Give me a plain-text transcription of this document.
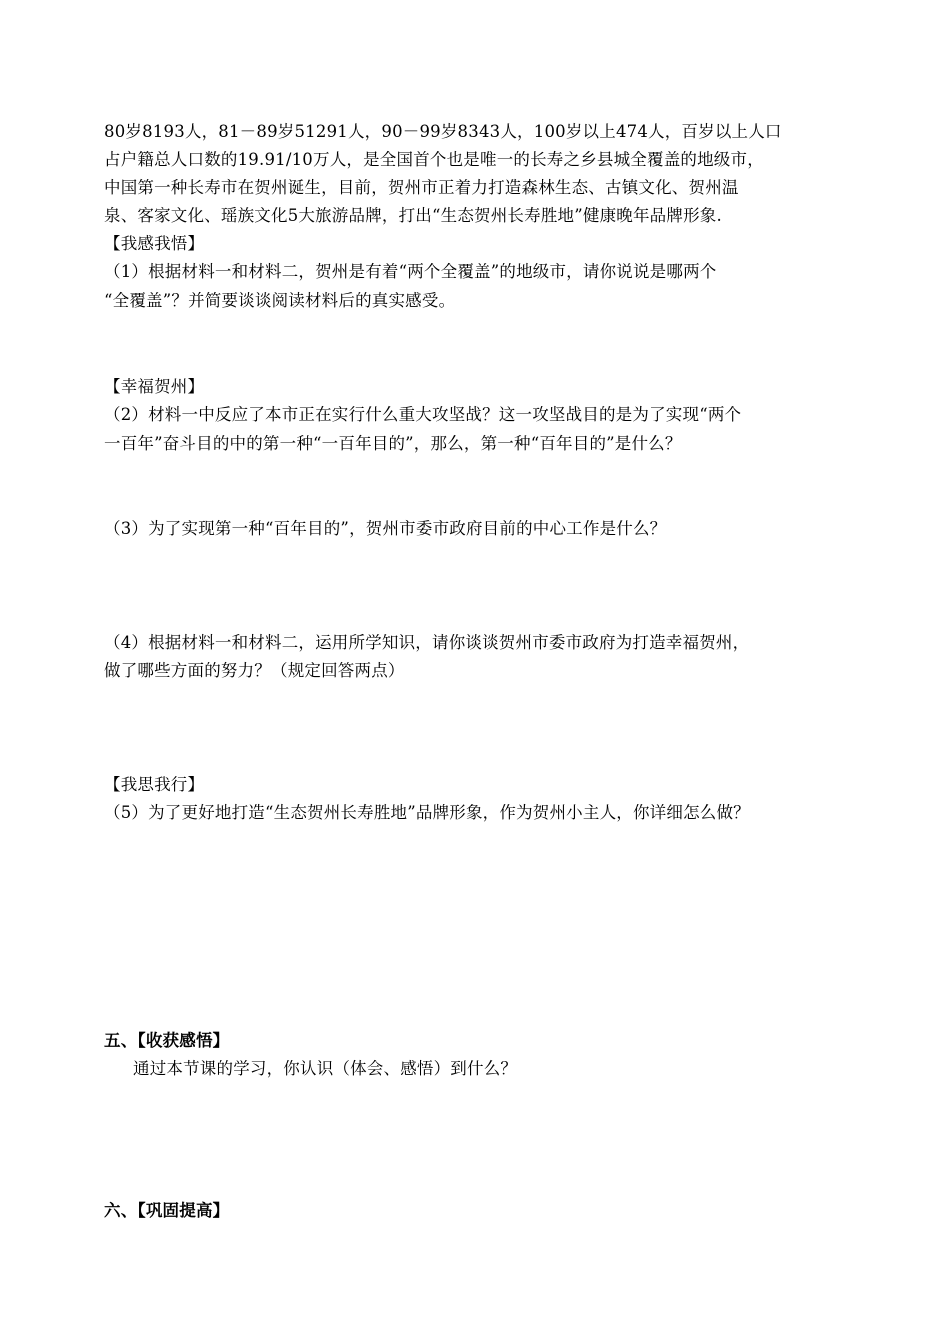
80岁8193人，81－89岁51291人，90－99岁8343人，100岁以上474人，百岁以上人口
占户籍总人口数的19.91/10万人，是全国首个也是唯一的长寿之乡县城全覆盖的地级市，
中国第一种长寿市在贺州诞生，目前，贺州市正着力打造森林生态、古镇文化、贺州温
泉、客家文化、瑶族文化5大旅游品牌，打出“生态贺州长寿胜地”健康晚年品牌形象.
【我感我悟】
（1）根据材料一和材料二，贺州是有着“两个全覆盖”的地级市，请你说说是哪两个
“全覆盖”？并简要谈谈阅读材料后的真实感受。
【幸福贺州】
（2）材料一中反应了本市正在实行什么重大攻坚战？这一攻坚战目的是为了实现“两个
一百年”奋斗目的中的第一种“一百年目的”，那么，第一种“百年目的”是什么？
（3）为了实现第一种“百年目的”，贺州市委市政府目前的中心工作是什么？
（4）根据材料一和材料二，运用所学知识，请你谈谈贺州市委市政府为打造幸福贺州，
做了哪些方面的努力？（规定回答两点）
【我思我行】
（5）为了更好地打造“生态贺州长寿胜地”品牌形象，作为贺州小主人，你详细怎么做？
五、【收获感悟】
通过本节课的学习，你认识（体会、感悟）到什么？
六、【巩固提高】
